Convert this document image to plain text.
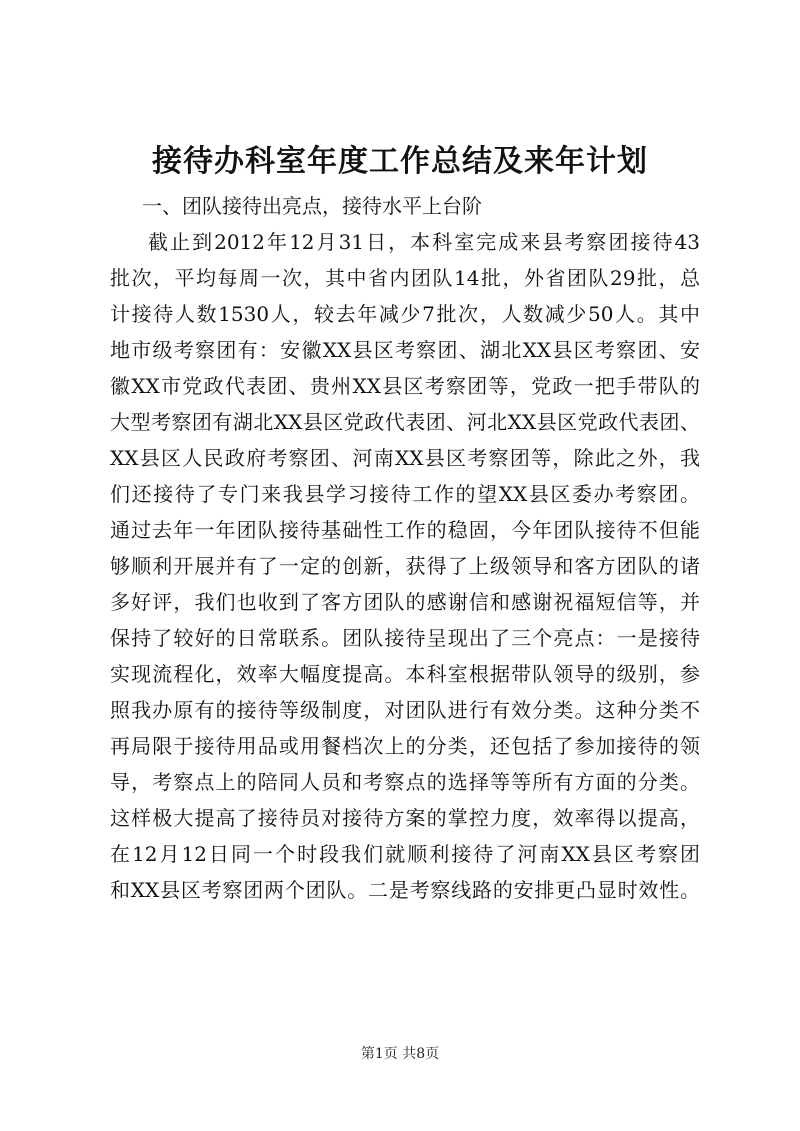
接待办科室年度工作总结及来年计划
一、团队接待出亮点，接待水平上台阶
截止到2012年12月31日，本科室完成来县考察团接待43
批次，平均每周一次，其中省内团队14批，外省团队29批，总
计接待人数1530人，较去年减少7批次，人数减少50人。其中
地市级考察团有：安徽XX县区考察团、湖北XX县区考察团、安
徽XX市党政代表团、贵州XX县区考察团等，党政一把手带队的
大型考察团有湖北XX县区党政代表团、河北XX县区党政代表团、
XX县区人民政府考察团、河南XX县区考察团等，除此之外，我
们还接待了专门来我县学习接待工作的望XX县区委办考察团。
通过去年一年团队接待基础性工作的稳固，今年团队接待不但能
够顺利开展并有了一定的创新，获得了上级领导和客方团队的诸
多好评，我们也收到了客方团队的感谢信和感谢祝福短信等，并
保持了较好的日常联系。团队接待呈现出了三个亮点：一是接待
实现流程化，效率大幅度提高。本科室根据带队领导的级别，参
照我办原有的接待等级制度，对团队进行有效分类。这种分类不
再局限于接待用品或用餐档次上的分类，还包括了参加接待的领
导，考察点上的陪同人员和考察点的选择等等所有方面的分类。
这样极大提高了接待员对接待方案的掌控力度，效率得以提高，
在12月12日同一个时段我们就顺利接待了河南XX县区考察团
和XX县区考察团两个团队。二是考察线路的安排更凸显时效性。
第1页 共8页
